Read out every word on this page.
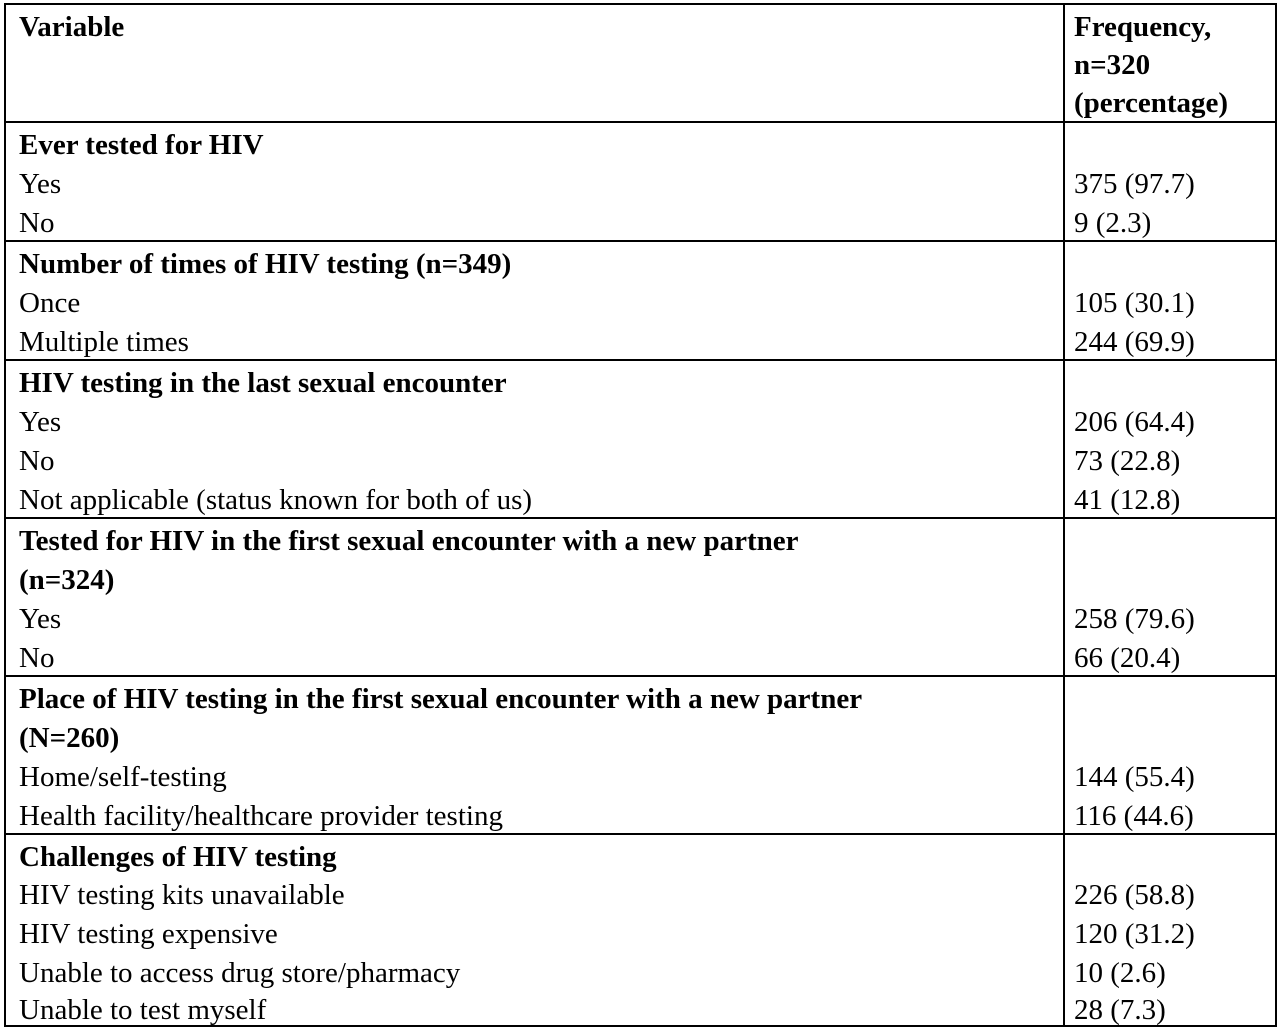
Variable	Frequency,
n=320
(percentage)
Ever tested for HIV
Yes	375 (97.7)
No	9 (2.3)
Number of times of HIV testing (n=349)
Once	105 (30.1)
Multiple times	244 (69.9)
HIV testing in the last sexual encounter
Yes	206 (64.4)
No	73 (22.8)
Not applicable (status known for both of us)	41 (12.8)
Tested for HIV in the first sexual encounter with a new partner
(n=324)
Yes	258 (79.6)
No	66 (20.4)
Place of HIV testing in the first sexual encounter with a new partner
(N=260)
Home/self-testing	144 (55.4)
Health facility/healthcare provider testing	116 (44.6)
Challenges of HIV testing
HIV testing kits unavailable	226 (58.8)
HIV testing expensive	120 (31.2)
Unable to access drug store/pharmacy	10 (2.6)
Unable to test myself	28 (7.3)
